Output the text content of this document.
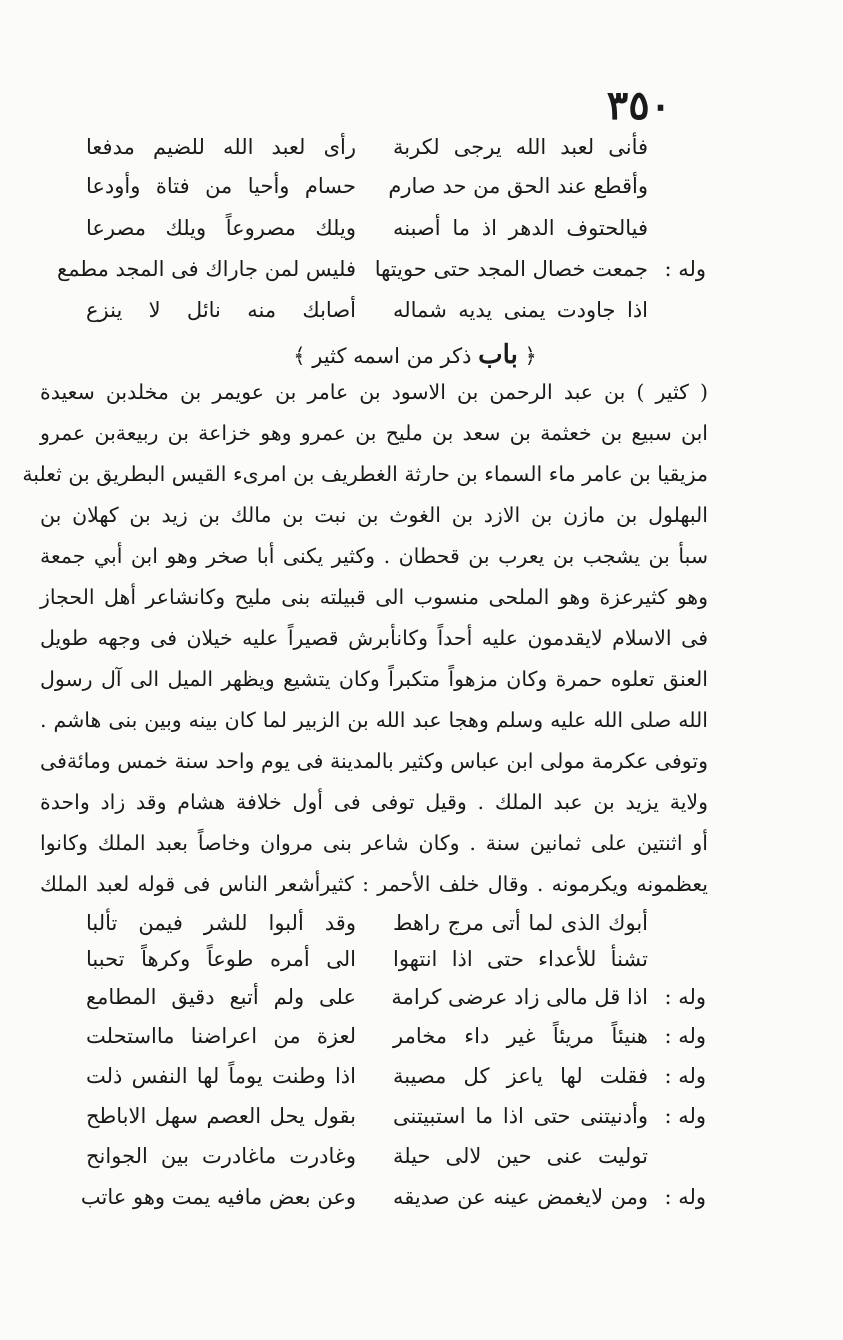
٣٥٠
فأنى لعبد الله يرجى لكربة
رأى لعبد الله للضيم مدفعا
وأقطع عند الحق من حد صارم
حسام وأحيا من فتاة وأودعا
فيالحتوف الدهر اذ ما أصبنه
ويلك مصروعاً ويلك مصرعا
وله :
جمعت خصال المجد حتى حويتها
فليس لمن جاراك فى المجد مطمع
اذا جاودت يمنى يديه شماله
أصابك منه نائل لا ينزع
﴿ باب ذكر من اسمه كثير ﴾
( كثير ) بن عبد الرحمن بن الاسود بن عامر بن عويمر بن مخلدبن سعيدة
ابن سبيع بن خعثمة بن سعد بن مليح بن عمرو وهو خزاعة بن ربيعةبن عمرو
مزيقيا بن عامر ماء السماء بن حارثة الغطريف بن امرىء القيس البطريق بن ثعلبة
البهلول بن مازن بن الازد بن الغوث بن نبت بن مالك بن زيد بن كهلان بن
سبأ بن يشجب بن يعرب بن قحطان . وكثير يكنى أبا صخر وهو ابن أبي جمعة
وهو كثيرعزة وهو الملحى منسوب الى قبيلته بنى مليح وكانشاعر أهل الحجاز
فى الاسلام لايقدمون عليه أحداً وكانأبرش قصيراً عليه خيلان فى وجهه طويل
العنق تعلوه حمرة وكان مزهواً متكبراً وكان يتشيع ويظهر الميل الى آل رسول
الله صلى الله عليه وسلم وهجا عبد الله بن الزبير لما كان بينه وبين بنى هاشم .
وتوفى عكرمة مولى ابن عباس وكثير بالمدينة فى يوم واحد سنة خمس ومائةفى
ولاية يزيد بن عبد الملك . وقيل توفى فى أول خلافة هشام وقد زاد واحدة
أو اثنتين على ثمانين سنة . وكان شاعر بنى مروان وخاصاً بعبد الملك وكانوا
يعظمونه ويكرمونه . وقال خلف الأحمر : كثيرأشعر الناس فى قوله لعبد الملك
أبوك الذى لما أتى مرج راهط
وقد ألبوا للشر فيمن تألبا
تشنأ للأعداء حتى اذا انتهوا
الى أمره طوعاً وكرهاً تحببا
وله :
اذا قل مالى زاد عرضى كرامة
على ولم أتبع دقيق المطامع
وله :
هنيئاً مريئاً غير داء مخامر
لعزة من اعراضنا مااستحلت
وله :
فقلت لها ياعز كل مصيبة
اذا وطنت يوماً لها النفس ذلت
وله :
وأدنيتنى حتى اذا ما استبيتنى
بقول يحل العصم سهل الاباطح
توليت عنى حين لالى حيلة
وغادرت ماغادرت بين الجوانح
وله :
ومن لايغمض عينه عن صديقه
وعن بعض مافيه يمت وهو عاتب
